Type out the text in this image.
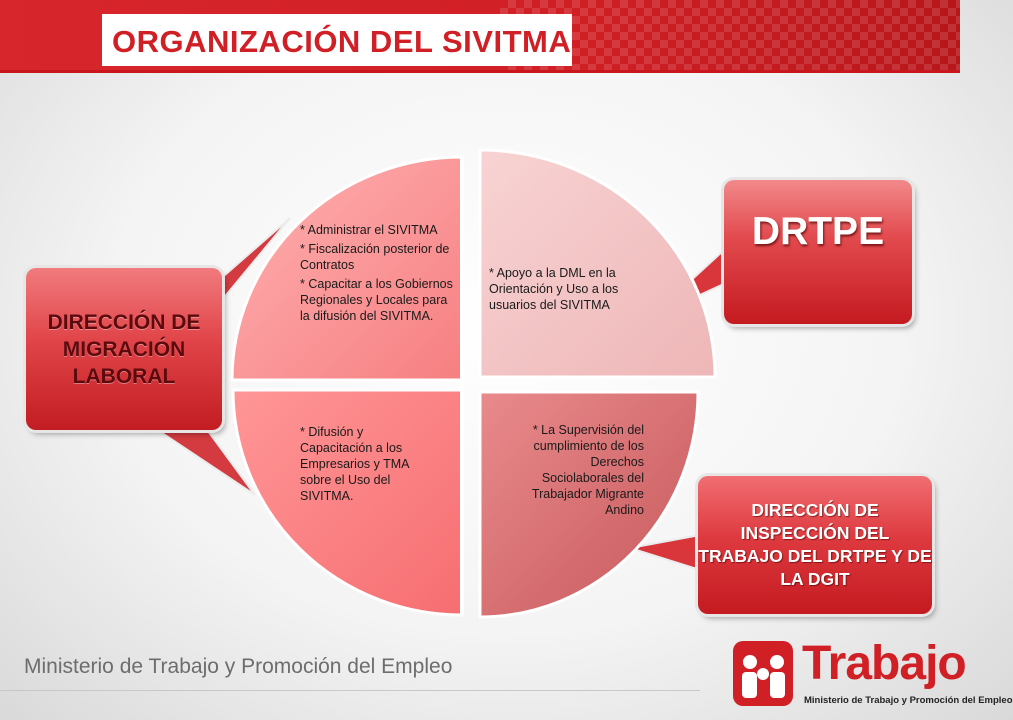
ORGANIZACIÓN DEL SIVITMA
* Administrar el SIVITMA
* Fiscalización posterior de Contratos
* Capacitar a los Gobiernos Regionales y Locales para la difusión del SIVITMA.
* Apoyo a la DML en la Orientación y Uso a los usuarios del SIVITMA
* Difusión y Capacitación a los Empresarios y TMA sobre el Uso del SIVITMA.
* La Supervisión del cumplimiento de los Derechos Sociolaborales del Trabajador Migrante Andino
DIRECCIÓN DE MIGRACIÓN LABORAL
DRTPE
DIRECCIÓN DE INSPECCIÓN DEL TRABAJO DEL DRTPE Y DE LA DGIT
Ministerio de Trabajo y Promoción del Empleo	Trabajo
Ministerio de Trabajo y Promoción del Empleo
